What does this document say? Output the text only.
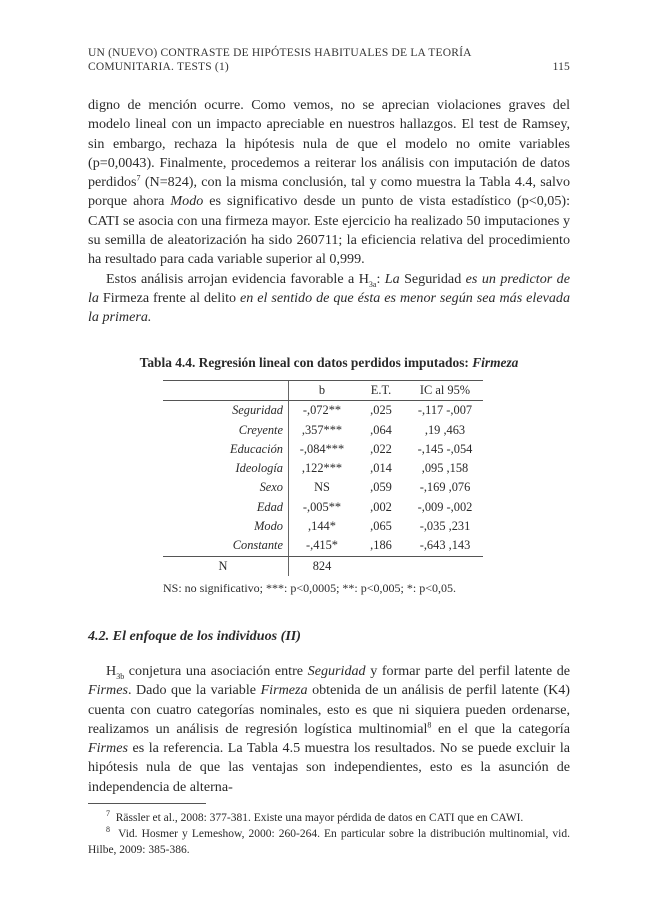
UN (NUEVO) CONTRASTE DE HIPÓTESIS HABITUALES DE LA TEORÍA
COMUNITARIA. TESTS (1)	115

digno de mención ocurre. Como vemos, no se aprecian violaciones graves del modelo lineal con un impacto apreciable en nuestros hallazgos. El test de Ramsey, sin embargo, rechaza la hipótesis nula de que el modelo no omite variables (p=0,0043). Finalmente, procedemos a reiterar los análisis con imputación de datos perdidos$^7$ (N=824), con la misma conclusión, tal y como muestra la Tabla 4.4, salvo porque ahora Modo es significativo desde un punto de vista estadístico (p<0,05): CATI se asocia con una firmeza mayor. Este ejercicio ha realizado 50 imputaciones y su semilla de aleatorización ha sido 260711; la eficiencia relativa del procedimiento ha resultado para cada variable superior al 0,999.

Estos análisis arrojan evidencia favorable a $H_{3a}$: La Seguridad es un predictor de la Firmeza frente al delito en el sentido de que ésta es menor según sea más elevada la primera.

Tabla 4.4. Regresión lineal con datos perdidos imputados: Firmeza
	b	E.T.	IC al 95%
Seguridad	-,072**	,025	-,117 -,007
Creyente	,357***	,064	,19 ,463
Educación	-,084***	,022	-,145 -,054
Ideología	,122***	,014	,095 ,158
Sexo	NS	,059	-,169 ,076
Edad	-,005**	,002	-,009 -,002
Modo	,144*	,065	-,035 ,231
Constante	-,415*	,186	-,643 ,143
N	824		
NS: no significativo; ***: p<0,0005; **: p<0,005; *: p<0,05.
4.2. El enfoque de los individuos (II)

$H_{3b}$ conjetura una asociación entre Seguridad y formar parte del perfil latente de Firmes. Dado que la variable Firmeza obtenida de un análisis de perfil latente (K4) cuenta con cuatro categorías nominales, esto es que ni siquiera pueden ordenarse, realizamos un análisis de regresión logística multinomial$^8$ en el que la categoría Firmes es la referencia. La Tabla 4.5 muestra los resultados. No se puede excluir la hipótesis nula de que las ventajas son independientes, esto es la asunción de independencia de alterna-

$^7$ Rässler et al., 2008: 377-381. Existe una mayor pérdida de datos en CATI que en CAWI.
$^8$ Vid. Hosmer y Lemeshow, 2000: 260-264. En particular sobre la distribución multinomial, vid. Hilbe, 2009: 385-386.
